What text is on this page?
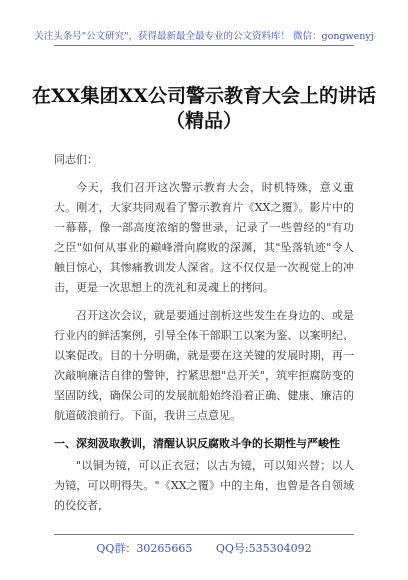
关注头条号"公文研究"，获得最新最全最专业的公文资料库！ 微信：gongwenyj
在XX集团XX公司警示教育大会上的讲话
（精品）

同志们：

今天，我们召开这次警示教育大会，时机特殊，意义重大。刚才，大家共同观看了警示教育片《XX之覆》。影片中的一幕幕，像一部高度浓缩的警世录，记录了一些曾经的"有功之臣"如何从事业的巅峰滑向腐败的深渊，其"坠落轨迹"令人触目惊心，其惨痛教训发人深省。这不仅仅是一次视觉上的冲击，更是一次思想上的洗礼和灵魂上的拷问。

召开这次会议，就是要通过剖析这些发生在身边的、或是行业内的鲜活案例，引导全体干部职工以案为鉴、以案明纪、以案促改。目的十分明确，就是要在这关键的发展时期，再一次敲响廉洁自律的警钟，拧紧思想"总开关"，筑牢拒腐防变的坚固防线，确保公司的发展航船始终沿着正确、健康、廉洁的航道破浪前行。下面，我讲三点意见。

一、深刻汲取教训，清醒认识反腐败斗争的长期性与严峻性

"以铜为镜，可以正衣冠；以古为镜，可以知兴替；以人为镜，可以明得失。"《XX之覆》中的主角，也曾是各自领域的佼佼者，

QQ群：30265665 QQ号:535304092
